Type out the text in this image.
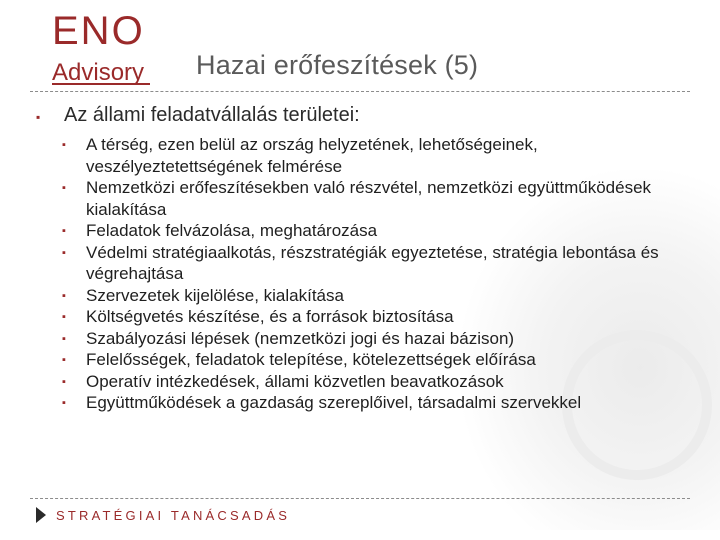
ENO
Advisory Hazai erőfeszítések (5)
▪ Az állami feladatvállalás területei:
▪	A térség, ezen belül az ország helyzetének, lehetőségeinek, veszélyeztetettségének felmérése
▪	Nemzetközi erőfeszítésekben való részvétel, nemzetközi együttműködések kialakítása
▪	Feladatok felvázolása, meghatározása
▪	Védelmi stratégiaalkotás, részstratégiák egyeztetése, stratégia lebontása és végrehajtása
▪	Szervezetek kijelölése, kialakítása
▪	Költségvetés készítése, és a források biztosítása
▪	Szabályozási lépések (nemzetközi jogi és hazai bázison)
▪	Felelősségek, feladatok telepítése, kötelezettségek előírása
▪	Operatív intézkedések, állami közvetlen beavatkozások
▪	Együttműködések a gazdaság szereplőivel, társadalmi szervekkel
STRATÉGIAI TANÁCSADÁS
